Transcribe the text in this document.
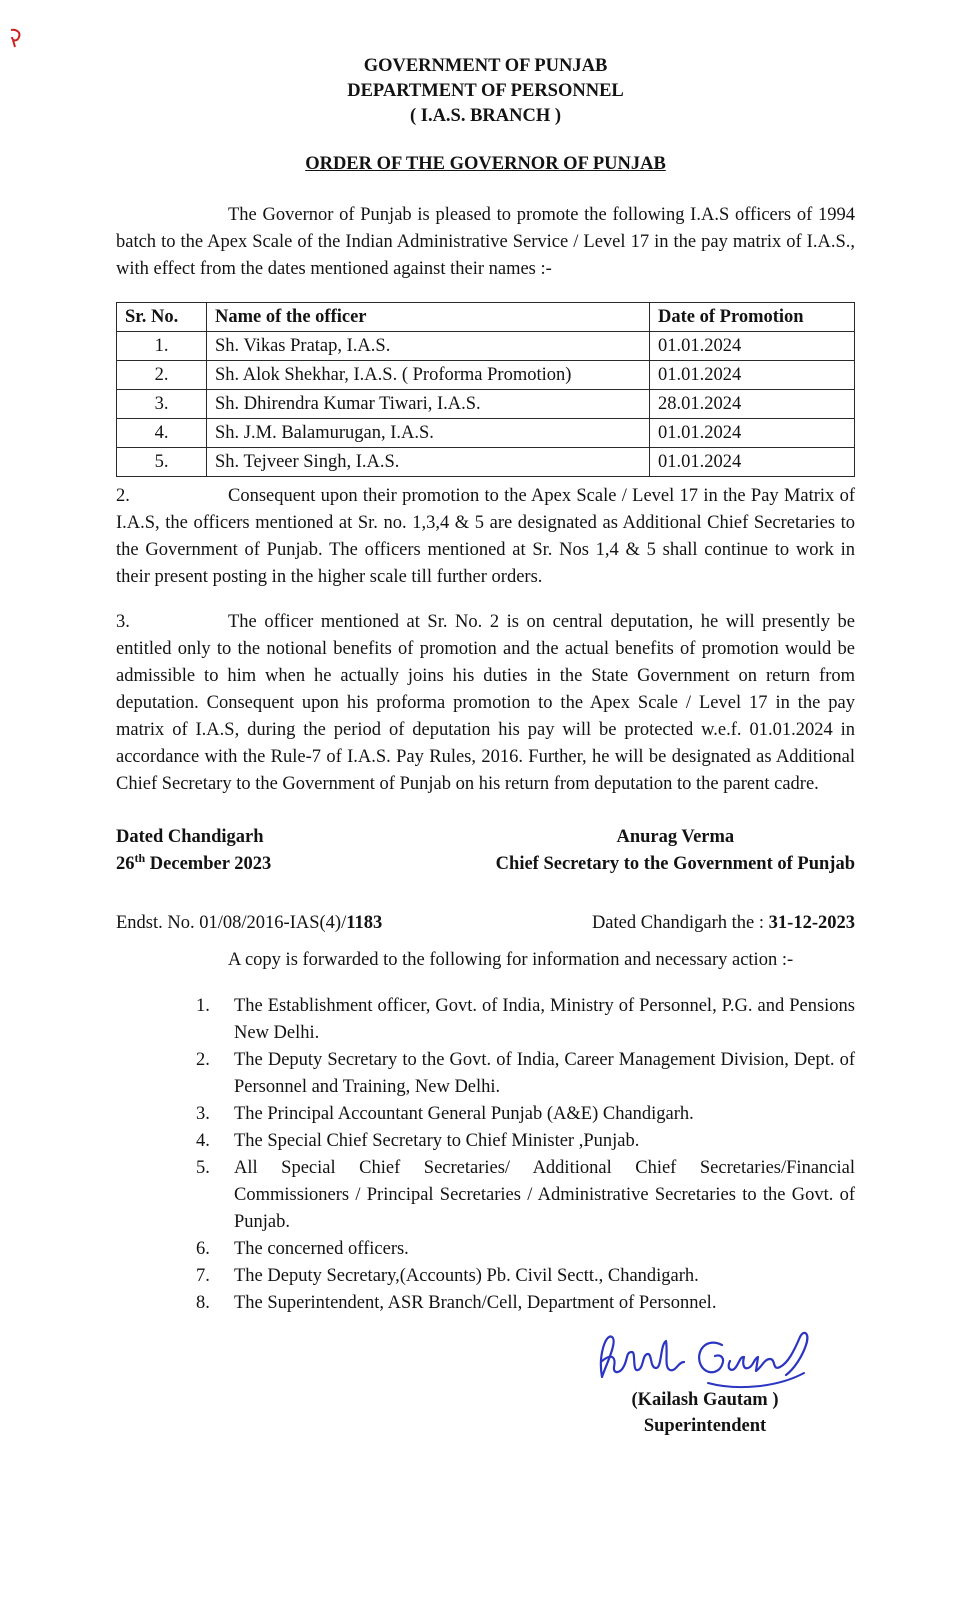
GOVERNMENT OF PUNJAB
DEPARTMENT OF PERSONNEL
( I.A.S. BRANCH )
ORDER OF THE GOVERNOR OF PUNJAB

The Governor of Punjab is pleased to promote the following I.A.S officers of 1994 batch to the Apex Scale of the Indian Administrative Service / Level 17 in the pay matrix of I.A.S., with effect from the dates mentioned against their names :-

Sr. No.	Name of the officer	Date of Promotion
1.	Sh. Vikas Pratap, I.A.S.	01.01.2024
2.	Sh. Alok Shekhar, I.A.S. ( Proforma Promotion)	01.01.2024
3.	Sh. Dhirendra Kumar Tiwari, I.A.S.	28.01.2024
4.	Sh. J.M. Balamurugan, I.A.S.	01.01.2024
5.	Sh. Tejveer Singh, I.A.S.	01.01.2024

2.	Consequent upon their promotion to the Apex Scale / Level 17 in the Pay Matrix of I.A.S, the officers mentioned at Sr. no. 1,3,4 & 5 are designated as Additional Chief Secretaries to the Government of Punjab. The officers mentioned at Sr. Nos 1,4 & 5 shall continue to work in their present posting in the higher scale till further orders.

3.	The officer mentioned at Sr. No. 2 is on central deputation, he will presently be entitled only to the notional benefits of promotion and the actual benefits of promotion would be admissible to him when he actually joins his duties in the State Government on return from deputation. Consequent upon his proforma promotion to the Apex Scale / Level 17 in the pay matrix of I.A.S, during the period of deputation his pay will be protected w.e.f. 01.01.2024 in accordance with the Rule-7 of I.A.S. Pay Rules, 2016. Further, he will be designated as Additional Chief Secretary to the Government of Punjab on his return from deputation to the parent cadre.

Dated Chandigarh
26th December 2023
Anurag Verma
Chief Secretary to the Government of Punjab
Endst. No. 01/08/2016-IAS(4)/1183	Dated Chandigarh the : 31-12-2023

A copy is forwarded to the following for information and necessary action :-

1.	The Establishment officer, Govt. of India, Ministry of Personnel, P.G. and Pensions New Delhi.
2.	The Deputy Secretary to the Govt. of India, Career Management Division, Dept. of Personnel and Training, New Delhi.
3.	The Principal Accountant General Punjab (A&E) Chandigarh.
4.	The Special Chief Secretary to Chief Minister ,Punjab.
5.	All Special Chief Secretaries/ Additional Chief Secretaries/Financial Commissioners / Principal Secretaries / Administrative Secretaries to the Govt. of Punjab.
6.	The concerned officers.
7.	The Deputy Secretary,(Accounts) Pb. Civil Sectt., Chandigarh.
8.	The Superintendent, ASR Branch/Cell, Department of Personnel.
(Kailash Gautam )
Superintendent
